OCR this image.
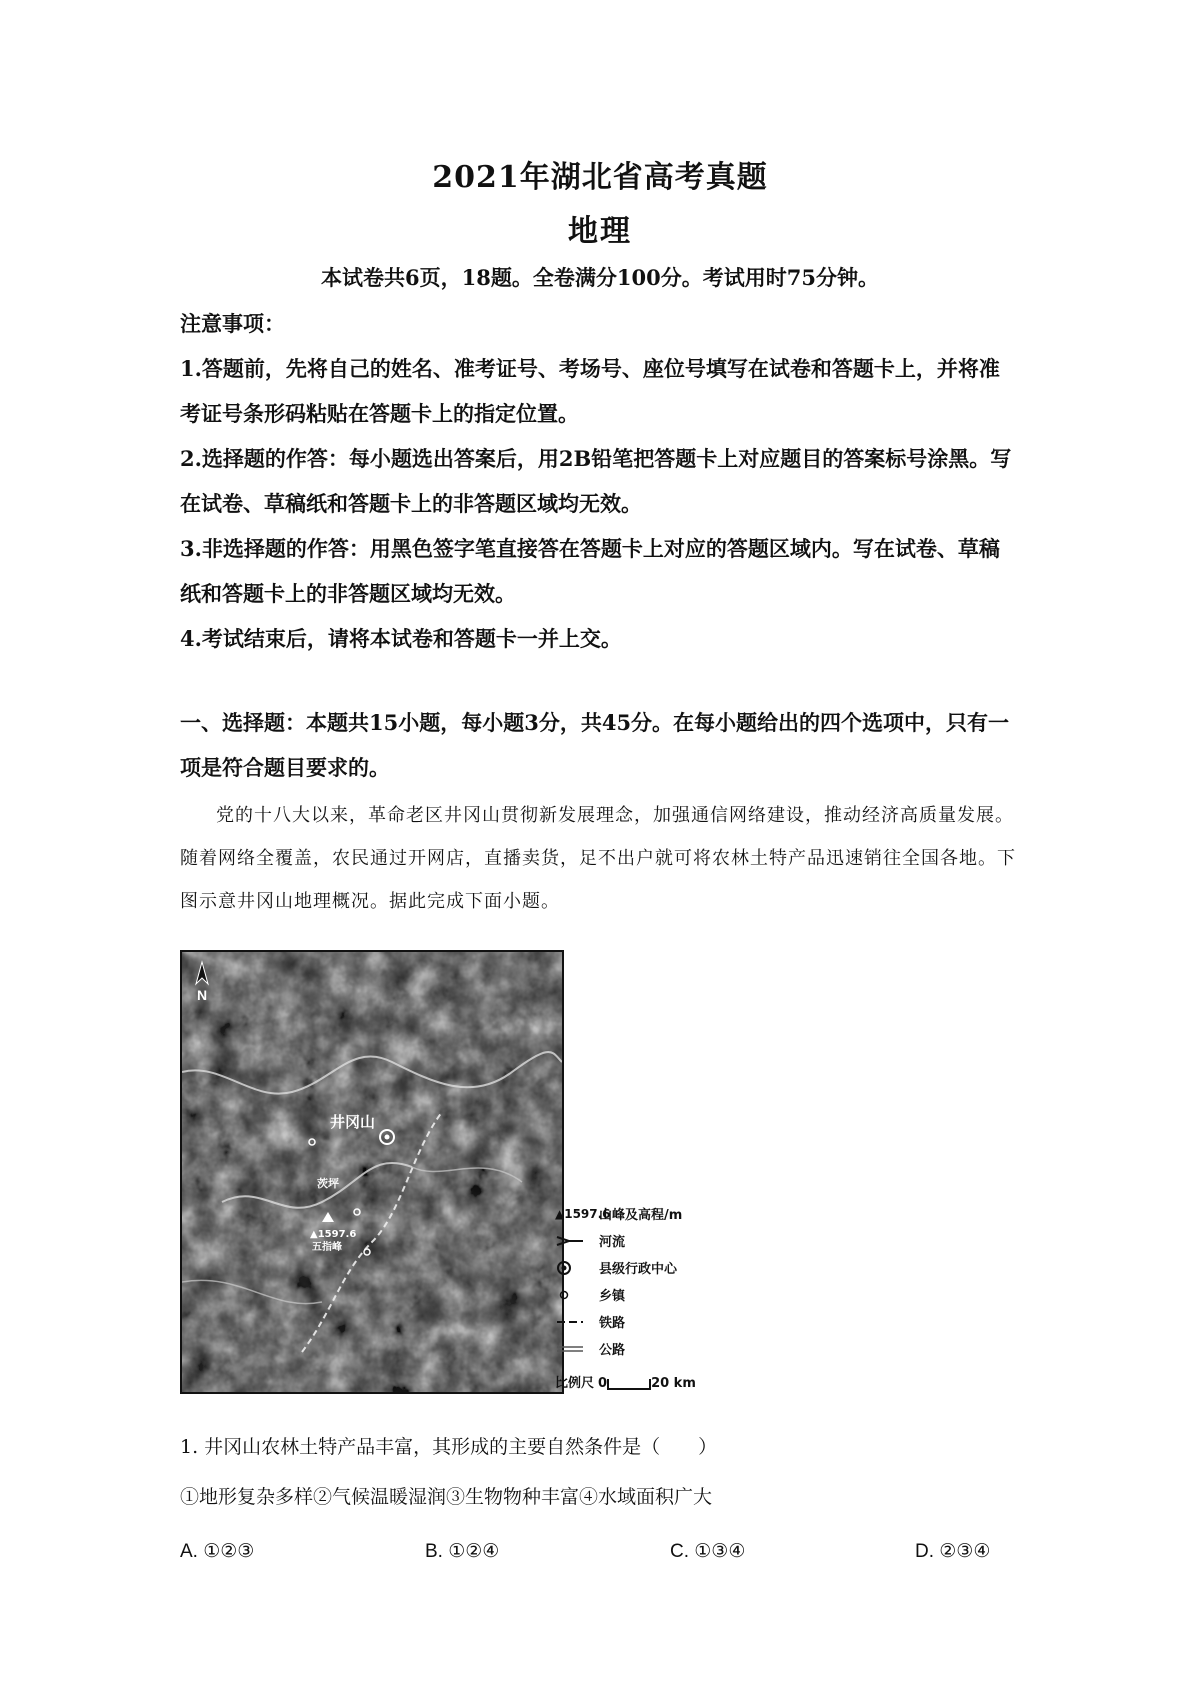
2021年湖北省高考真题
地理
本试卷共6页，18题。全卷满分100分。考试用时75分钟。
注意事项：

1.答题前，先将自己的姓名、准考证号、考场号、座位号填写在试卷和答题卡上，并将准考证号条形码粘贴在答题卡上的指定位置。

2.选择题的作答：每小题选出答案后，用2B铅笔把答题卡上对应题目的答案标号涂黑。写在试卷、草稿纸和答题卡上的非答题区域均无效。

3.非选择题的作答：用黑色签字笔直接答在答题卡上对应的答题区域内。写在试卷、草稿纸和答题卡上的非答题区域均无效。

4.考试结束后，请将本试卷和答题卡一并上交。

一、选择题：本题共15小题，每小题3分，共45分。在每小题给出的四个选项中，只有一项是符合题目要求的。

党的十八大以来，革命老区井冈山贯彻新发展理念，加强通信网络建设，推动经济高质量发展。随着网络全覆盖，农民通过开网店，直播卖货，足不出户就可将农林土特产品迅速销往全国各地。下图示意井冈山地理概况。据此完成下面小题。

N
井冈山
茨坪
▲1597.6
五指峰
▲1597.6
山峰及高程/m
河流
县级行政中心
乡镇
铁路
公路
比例尺 0	20 km

1. 井冈山农林土特产品丰富，其形成的主要自然条件是（　　）

①地形复杂多样②气候温暖湿润③生物物种丰富④水域面积广大

A. ①②③	B. ①②④	C. ①③④	D. ②③④
